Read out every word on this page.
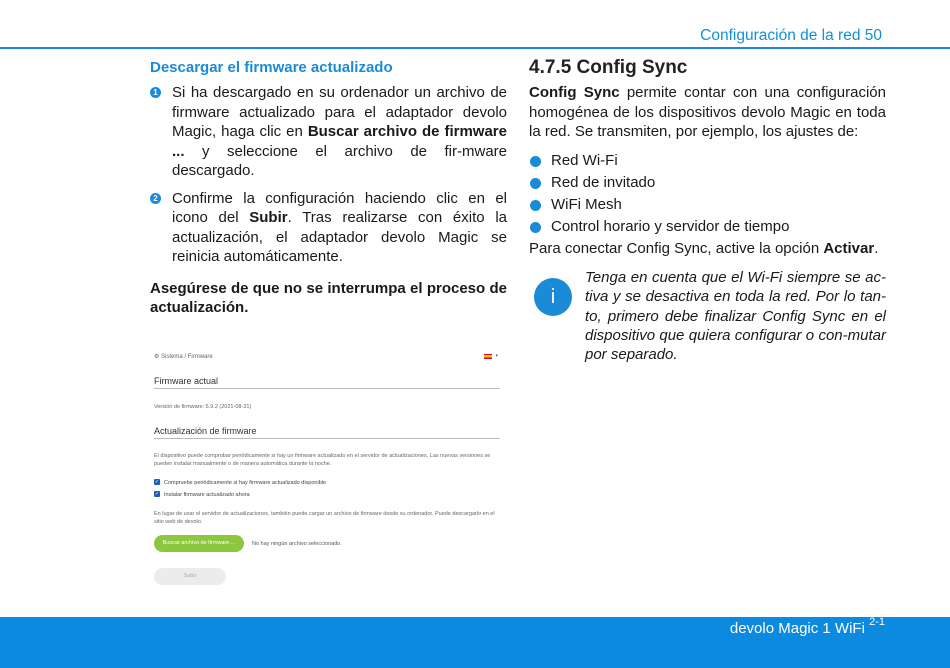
Configuración de la red 50
Descargar el firmware actualizado
1 Si ha descargado en su ordenador un archivo de firmware actualizado para el adaptador devolo Magic, haga clic en Buscar archivo de firmware ... y seleccione el archivo de fir-mware descargado.
2 Confirme la configuración haciendo clic en el icono del Subir. Tras realizarse con éxito la actualización, el adaptador devolo Magic se reinicia automáticamente.
Asegúrese de que no se interrumpa el proceso de actualización.
⚙ Sistema / Firmware	▾
Firmware actual
Versión de firmware: 5.9.2 (2021-08-31)
Actualización de firmware
El dispositivo puede comprobar periódicamente si hay un firmware actualizado en el servidor de actualizaciones. Las nuevas versiones se pueden instalar manualmente o de manera automática durante la noche.
✓ Compruebe periódicamente si hay firmware actualizado disponible
✓ Instalar firmware actualizado ahora
En lugar de usar el servidor de actualizaciones, también puede cargar un archivo de firmware desde su ordenador. Puede descargarlo en el sitio web de devolo.
Buscar archivo de firmware ...	No hay ningún archivo seleccionado.
Subir
4.7.5 Config Sync

Config Sync permite contar con una configuración homogénea de los dispositivos devolo Magic en toda la red. Se transmiten, por ejemplo, los ajustes de:

Red Wi-Fi
Red de invitado
WiFi Mesh
Control horario y servidor de tiempo

Para conectar Config Sync, active la opción Activar.

i
Tenga en cuenta que el Wi-Fi siempre se ac-tiva y se desactiva en toda la red. Por lo tan-to, primero debe finalizar Config Sync en el dispositivo que quiera configurar o con-mutar por separado.
devolo Magic 1 WiFi $^{2-1}$
